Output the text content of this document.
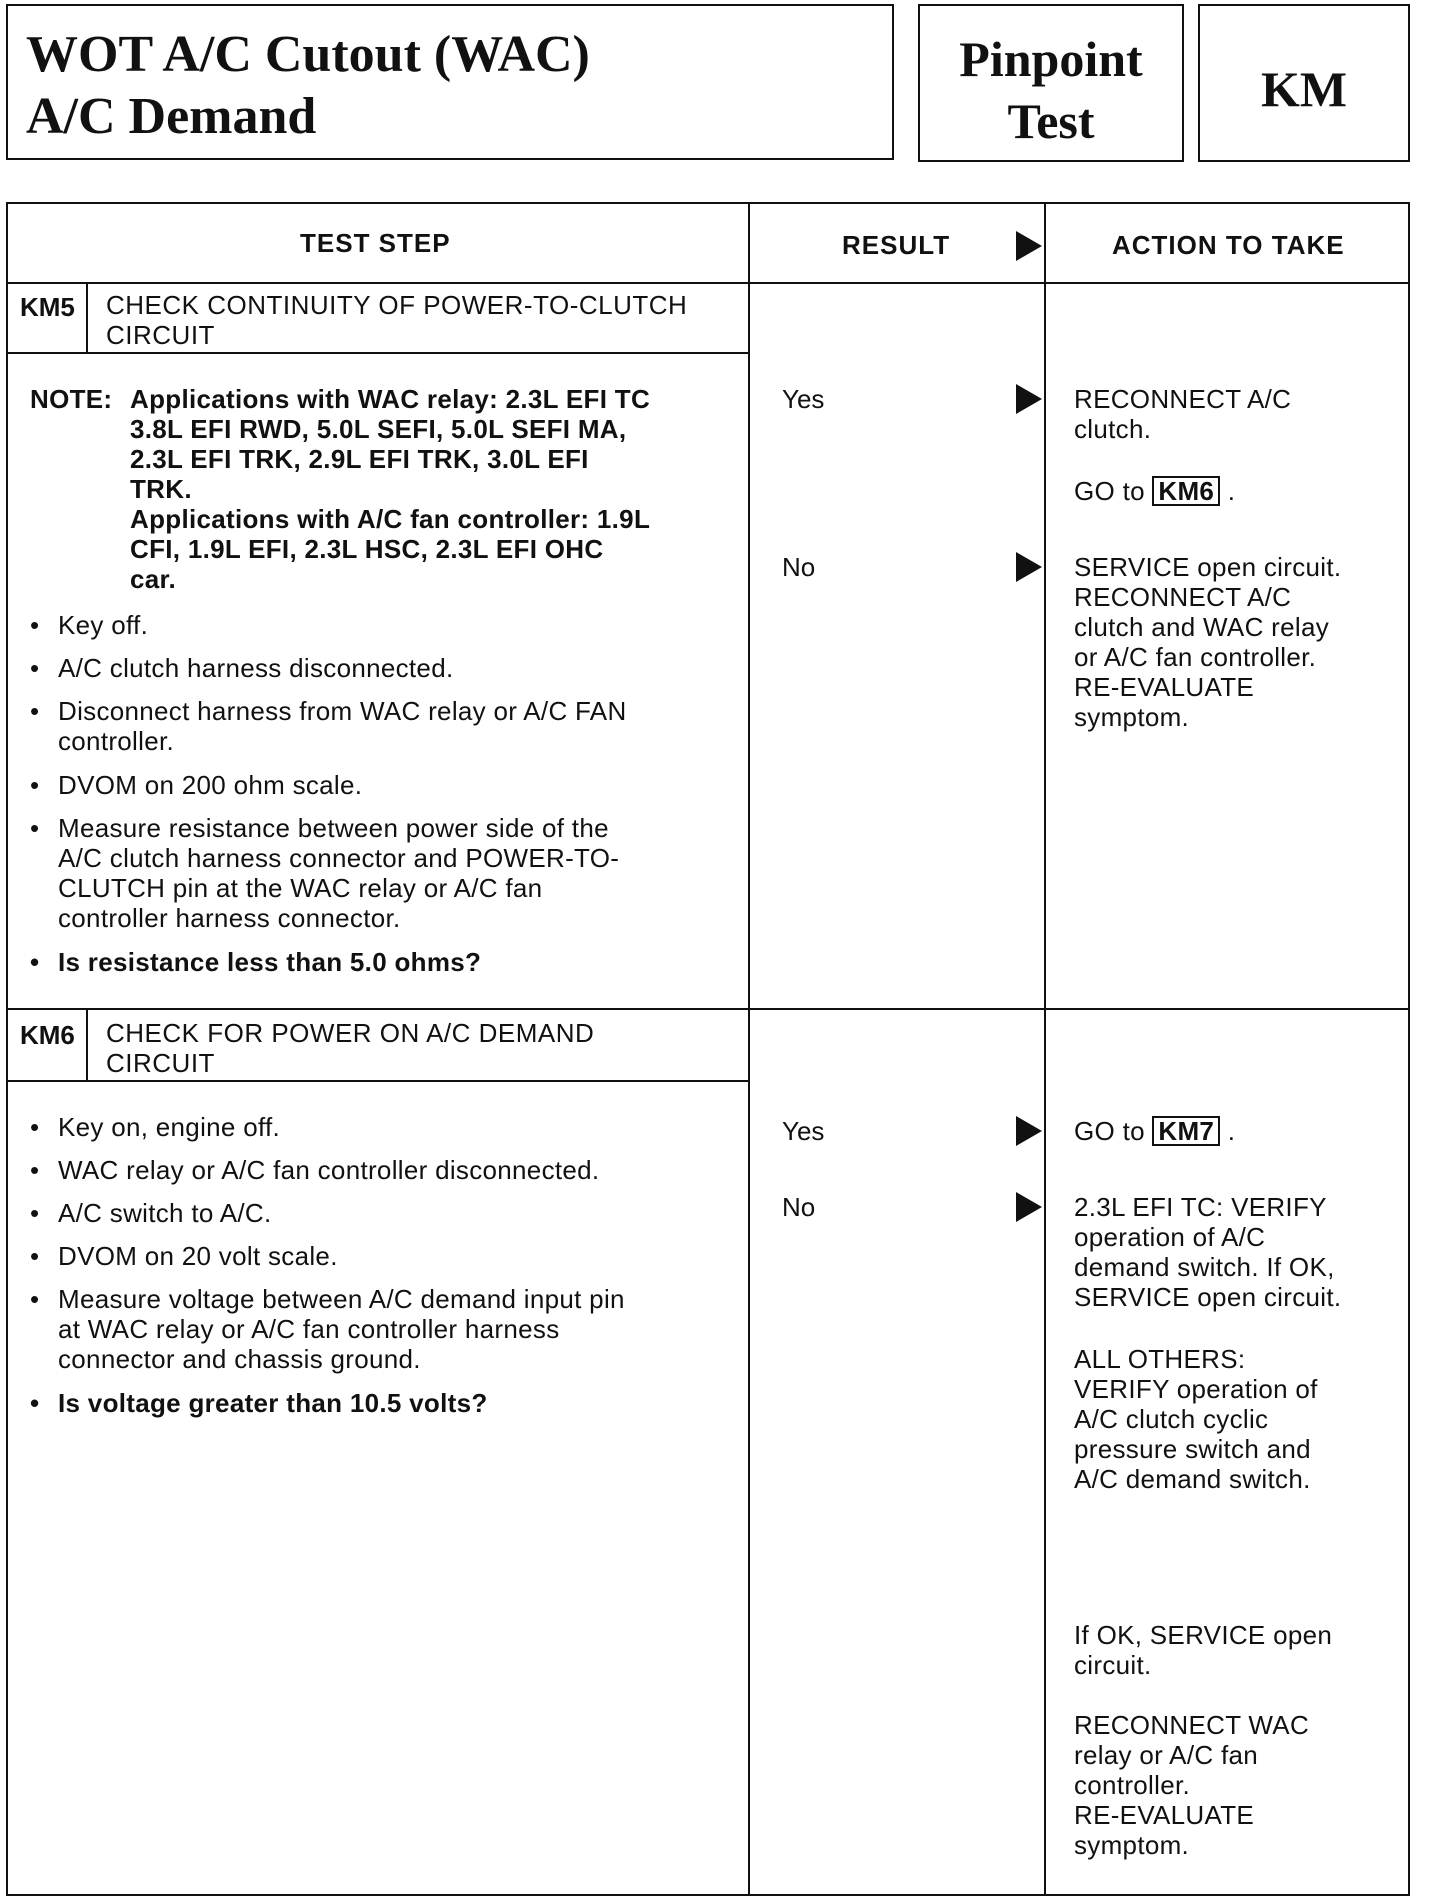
WOT A/C Cutout (WAC)
A/C Demand
Pinpoint
Test
KM
TEST STEP	RESULT	ACTION TO TAKE
KM5 CHECK CONTINUITY OF POWER-TO-CLUTCH
CIRCUIT
NOTE: Applications with WAC relay: 2.3L EFI TC
3.8L EFI RWD, 5.0L SEFI, 5.0L SEFI MA,
2.3L EFI TRK, 2.9L EFI TRK, 3.0L EFI
TRK.
Applications with A/C fan controller: 1.9L
CFI, 1.9L EFI, 2.3L HSC, 2.3L EFI OHC
car.
• Key off.
• A/C clutch harness disconnected.
• Disconnect harness from WAC relay or A/C FAN
controller.
• DVOM on 200 ohm scale.
• Measure resistance between power side of the
A/C clutch harness connector and POWER-TO-
CLUTCH pin at the WAC relay or A/C fan
controller harness connector.
• Is resistance less than 5.0 ohms?
Yes
No
RECONNECT A/C
clutch.
GO to KM6 .
SERVICE open circuit.
RECONNECT A/C
clutch and WAC relay
or A/C fan controller.
RE-EVALUATE
symptom.
KM6 CHECK FOR POWER ON A/C DEMAND
CIRCUIT
• Key on, engine off.
• WAC relay or A/C fan controller disconnected.
• A/C switch to A/C.
• DVOM on 20 volt scale.
• Measure voltage between A/C demand input pin
at WAC relay or A/C fan controller harness
connector and chassis ground.
• Is voltage greater than 10.5 volts?
Yes
No
GO to KM7 .
2.3L EFI TC: VERIFY
operation of A/C
demand switch. If OK,
SERVICE open circuit.
ALL OTHERS:
VERIFY operation of
A/C clutch cyclic
pressure switch and
A/C demand switch.
If OK, SERVICE open
circuit.
RECONNECT WAC
relay or A/C fan
controller.
RE-EVALUATE
symptom.
